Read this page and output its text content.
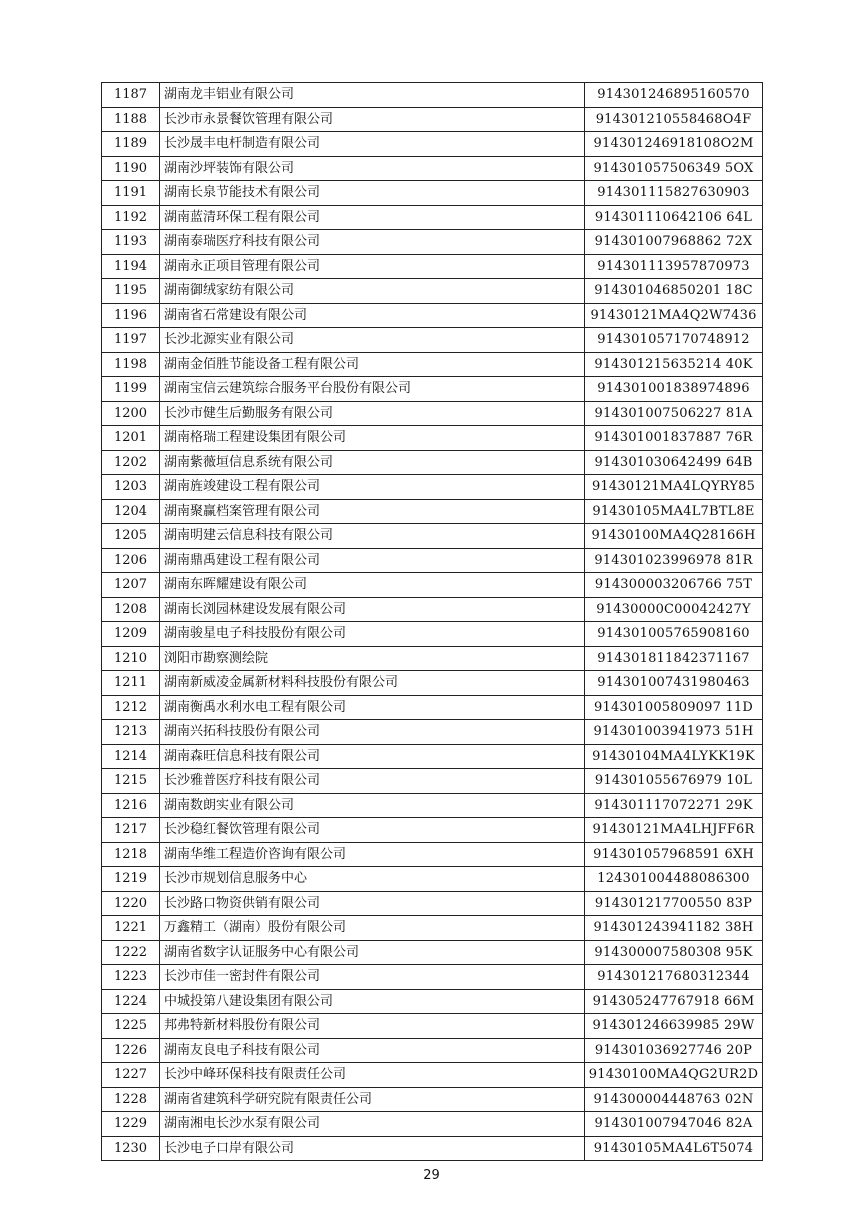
1187	湖南龙丰铝业有限公司	914301246895160570
1188	长沙市永景餐饮管理有限公司	914301210558468O4F
1189	长沙晟丰电杆制造有限公司	914301246918108O2M
1190	湖南沙坪装饰有限公司	914301057506349 5OX
1191	湖南长泉节能技术有限公司	914301115827630903
1192	湖南蓝清环保工程有限公司	914301110642106 64L
1193	湖南泰瑞医疗科技有限公司	914301007968862 72X
1194	湖南永正项目管理有限公司	914301113957870973
1195	湖南御绒家纺有限公司	914301046850201 18C
1196	湖南省石常建设有限公司	91430121MA4Q2W7436
1197	长沙北源实业有限公司	914301057170748912
1198	湖南金佰胜节能设备工程有限公司	914301215635214 40K
1199	湖南宝信云建筑综合服务平台股份有限公司	914301001838974896
1200	长沙市健生后勤服务有限公司	914301007506227 81A
1201	湖南格瑞工程建设集团有限公司	914301001837887 76R
1202	湖南紫薇垣信息系统有限公司	914301030642499 64B
1203	湖南旌竣建设工程有限公司	91430121MA4LQYRY85
1204	湖南聚赢档案管理有限公司	91430105MA4L7BTL8E
1205	湖南明建云信息科技有限公司	91430100MA4Q28166H
1206	湖南鼎禹建设工程有限公司	914301023996978 81R
1207	湖南东晖耀建设有限公司	914300003206766 75T
1208	湖南长浏园林建设发展有限公司	91430000C00042427Y
1209	湖南骏星电子科技股份有限公司	914301005765908160
1210	浏阳市勘察测绘院	914301811842371167
1211	湖南新威凌金属新材料科技股份有限公司	914301007431980463
1212	湖南衡禹水利水电工程有限公司	914301005809097 11D
1213	湖南兴拓科技股份有限公司	914301003941973 51H
1214	湖南森旺信息科技有限公司	91430104MA4LYKK19K
1215	长沙雅普医疗科技有限公司	914301055676979 10L
1216	湖南数朗实业有限公司	914301117072271 29K
1217	长沙稳红餐饮管理有限公司	91430121MA4LHJFF6R
1218	湖南华维工程造价咨询有限公司	914301057968591 6XH
1219	长沙市规划信息服务中心	124301004488086300
1220	长沙路口物资供销有限公司	914301217700550 83P
1221	万鑫精工（湖南）股份有限公司	914301243941182 38H
1222	湖南省数字认证服务中心有限公司	914300007580308 95K
1223	长沙市佳一密封件有限公司	914301217680312344
1224	中城投第八建设集团有限公司	914305247767918 66M
1225	邦弗特新材料股份有限公司	914301246639985 29W
1226	湖南友良电子科技有限公司	914301036927746 20P
1227	长沙中峰环保科技有限责任公司	91430100MA4QG2UR2D
1228	湖南省建筑科学研究院有限责任公司	914300004448763 02N
1229	湖南湘电长沙水泵有限公司	914301007947046 82A
1230	长沙电子口岸有限公司	91430105MA4L6T5074
29
